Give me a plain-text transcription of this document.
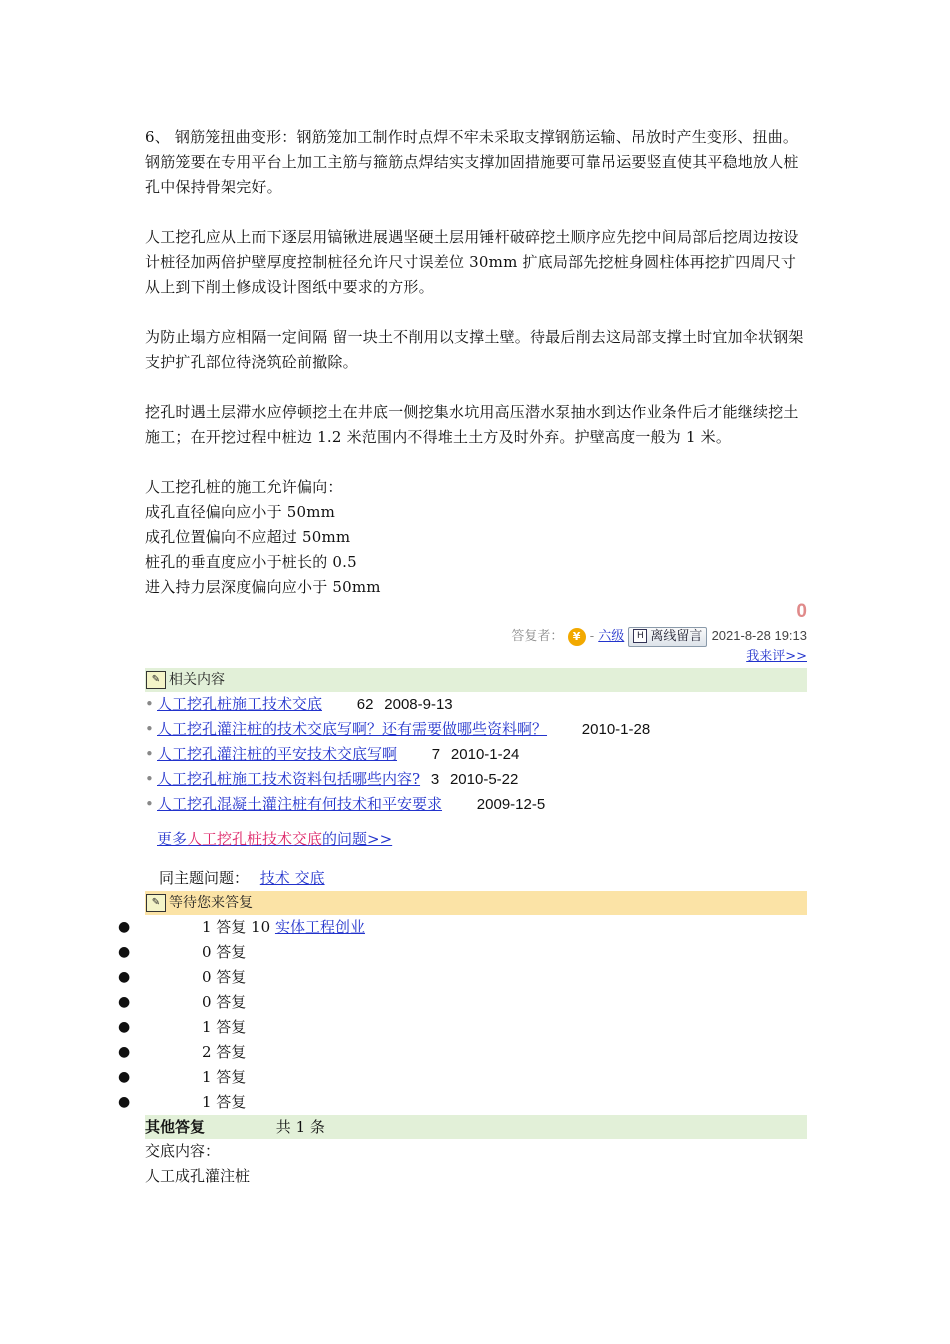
6、 钢筋笼扭曲变形：钢筋笼加工制作时点焊不牢未采取支撑钢筋运输、吊放时产生变形、扭曲。钢筋笼要在专用平台上加工主筋与箍筋点焊结实支撑加固措施要可靠吊运要竖直使其平稳地放人桩孔中保持骨架完好。

人工挖孔应从上而下逐层用镐锹进展遇坚硬土层用锤杆破碎挖土顺序应先挖中间局部后挖周边按设计桩径加两倍护壁厚度控制桩径允许尺寸误差位 30mm 扩底局部先挖桩身圆柱体再挖扩四周尺寸从上到下削土修成设计图纸中要求的方形。

为防止塌方应相隔一定间隔 留一块土不削用以支撑土壁。待最后削去这局部支撑土时宜加伞状钢架支护扩孔部位待浇筑砼前撤除。

挖孔时遇土层滞水应停顿挖土在井底一侧挖集水坑用高压潜水泵抽水到达作业条件后才能继续挖土施工；在开挖过程中桩边 1.2 米范围内不得堆土土方及时外弃。护壁高度一般为 1 米。

人工挖孔桩的施工允许偏向：
成孔直径偏向应小于 50mm
成孔位置偏向不应超过 50mm
桩孔的垂直度应小于桩长的 0.5
进入持力层深度偏向应小于 50mm
0
答复者： ¥ - 六级 H 离线留言 2021-8-28 19:13
我来评>>
✎ 相关内容
• 人工挖孔桩施工技术交底 62 2008-9-13
• 人工挖孔灌注桩的技术交底写啊？还有需要做哪些资料啊？ 2010-1-28
• 人工挖孔灌注桩的平安技术交底写啊 7 2010-1-24
• 人工挖孔桩施工技术资料包括哪些内容? 3 2010-5-22
• 人工挖孔混凝土灌注桩有何技术和平安要求 2009-12-5
更多人工挖孔桩技术交底的问题>>
同主题问题： 技术 交底
✎ 等待您来答复
●	1 答复 10 实体工程创业
●	0 答复
●	0 答复
●	0 答复
●	1 答复
●	2 答复
●	1 答复
●	1 答复
其他答复	共 1 条
交底内容：
人工成孔灌注桩
